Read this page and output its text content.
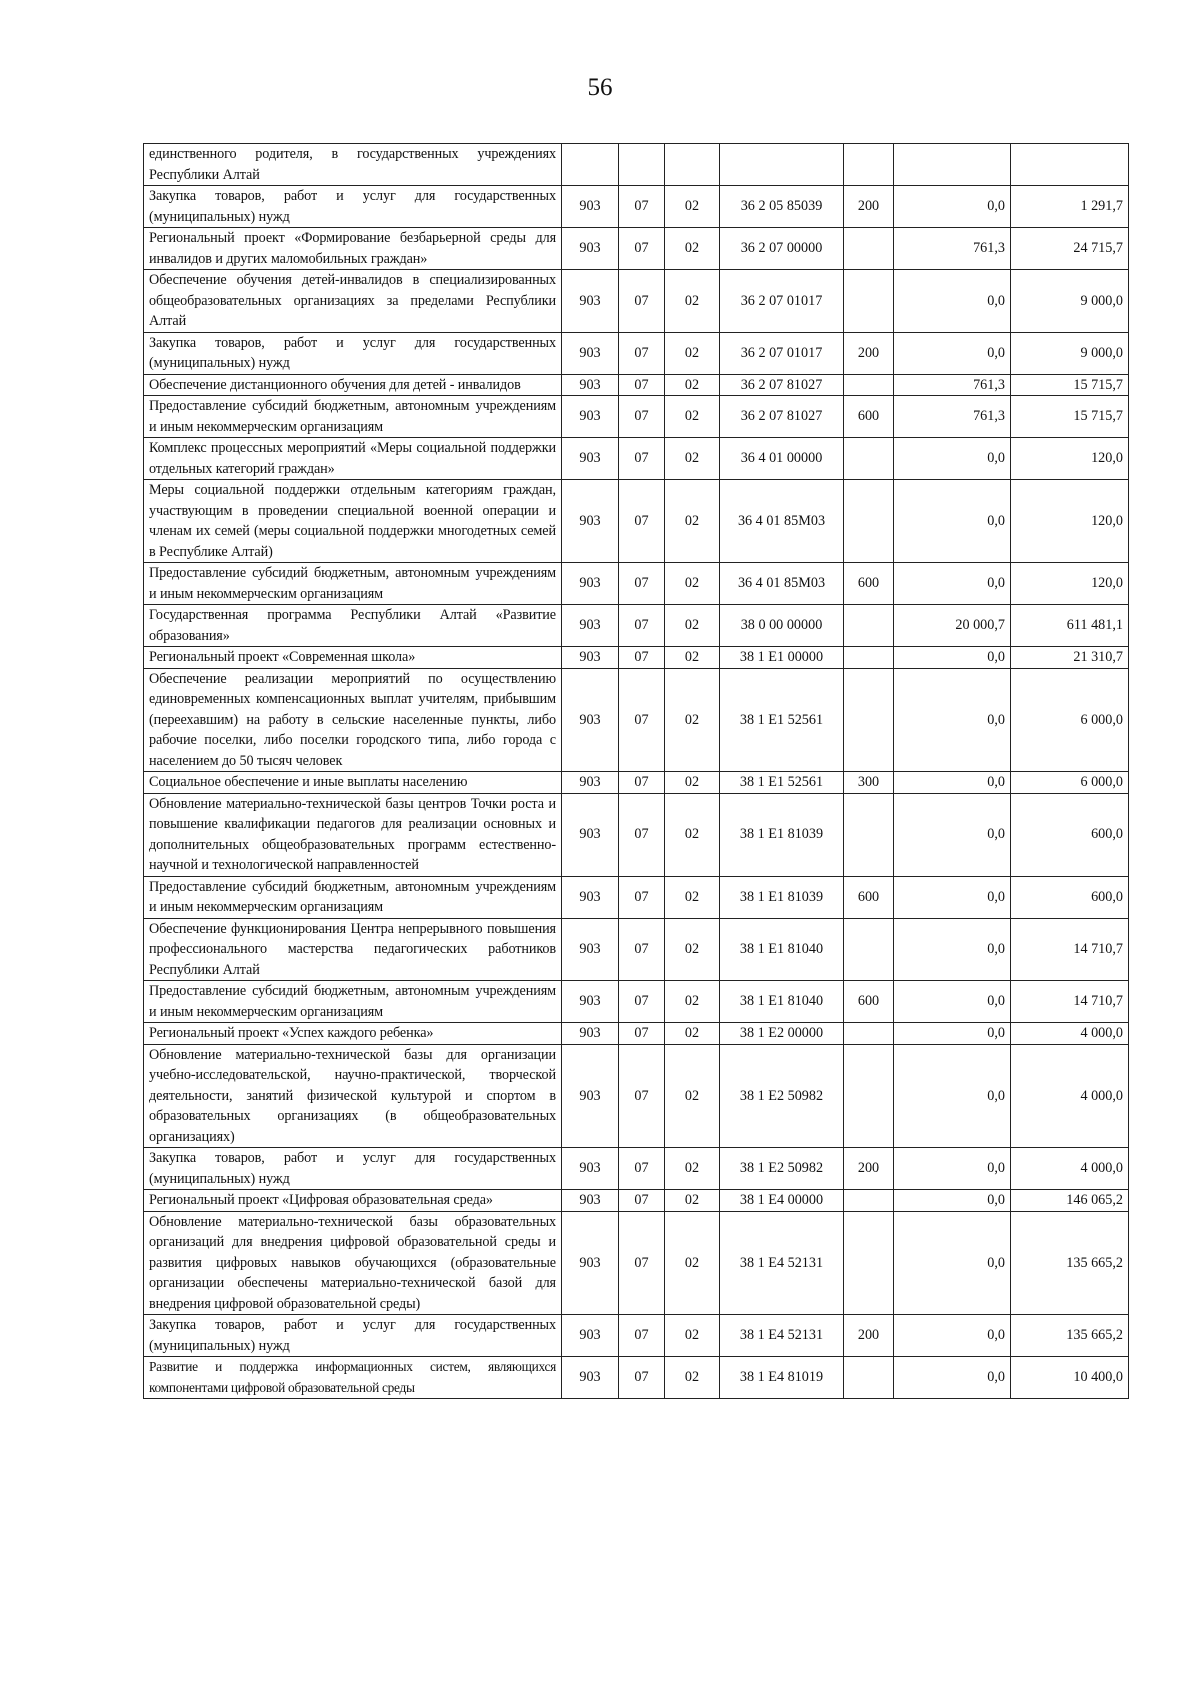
56
единственного родителя, в государственных учреждениях Республики Алтай							
Закупка товаров, работ и услуг для государственных (муниципальных) нужд	903	07	02	36 2 05 85039	200	0,0	1 291,7
Региональный проект «Формирование безбарьерной среды для инвалидов и других маломобильных граждан»	903	07	02	36 2 07 00000		761,3	24 715,7
Обеспечение обучения детей-инвалидов в специализированных общеобразовательных организациях за пределами Республики Алтай	903	07	02	36 2 07 01017		0,0	9 000,0
Закупка товаров, работ и услуг для государственных (муниципальных) нужд	903	07	02	36 2 07 01017	200	0,0	9 000,0
Обеспечение дистанционного обучения для детей - инвалидов	903	07	02	36 2 07 81027		761,3	15 715,7
Предоставление субсидий бюджетным, автономным учреждениям и иным некоммерческим организациям	903	07	02	36 2 07 81027	600	761,3	15 715,7
Комплекс процессных мероприятий «Меры социальной поддержки отдельных категорий граждан»	903	07	02	36 4 01 00000		0,0	120,0
Меры социальной поддержки отдельным категориям граждан, участвующим в проведении специальной военной операции и членам их семей (меры социальной поддержки многодетных семей в Республике Алтай)	903	07	02	36 4 01 85М03		0,0	120,0
Предоставление субсидий бюджетным, автономным учреждениям и иным некоммерческим организациям	903	07	02	36 4 01 85М03	600	0,0	120,0
Государственная программа Республики Алтай «Развитие образования»	903	07	02	38 0 00 00000		20 000,7	611 481,1
Региональный проект «Современная школа»	903	07	02	38 1 E1 00000		0,0	21 310,7
Обеспечение реализации мероприятий по осуществлению единовременных компенсационных выплат учителям, прибывшим (переехавшим) на работу в сельские населенные пункты, либо рабочие поселки, либо поселки городского типа, либо города с населением до 50 тысяч человек	903	07	02	38 1 E1 52561		0,0	6 000,0
Социальное обеспечение и иные выплаты населению	903	07	02	38 1 E1 52561	300	0,0	6 000,0
Обновление материально-технической базы центров Точки роста и повышение квалификации педагогов для реализации основных и дополнительных общеобразовательных программ естественно-научной и технологической направленностей	903	07	02	38 1 E1 81039		0,0	600,0
Предоставление субсидий бюджетным, автономным учреждениям и иным некоммерческим организациям	903	07	02	38 1 E1 81039	600	0,0	600,0
Обеспечение функционирования Центра непрерывного повышения профессионального мастерства педагогических работников Республики Алтай	903	07	02	38 1 E1 81040		0,0	14 710,7
Предоставление субсидий бюджетным, автономным учреждениям и иным некоммерческим организациям	903	07	02	38 1 E1 81040	600	0,0	14 710,7
Региональный проект «Успех каждого ребенка»	903	07	02	38 1 E2 00000		0,0	4 000,0
Обновление материально-технической базы для организации учебно-исследовательской, научно-практической, творческой деятельности, занятий физической культурой и спортом в образовательных организациях (в общеобразовательных организациях)	903	07	02	38 1 E2 50982		0,0	4 000,0
Закупка товаров, работ и услуг для государственных (муниципальных) нужд	903	07	02	38 1 E2 50982	200	0,0	4 000,0
Региональный проект «Цифровая образовательная среда»	903	07	02	38 1 E4 00000		0,0	146 065,2
Обновление материально-технической базы образовательных организаций для внедрения цифровой образовательной среды и развития цифровых навыков обучающихся (образовательные организации обеспечены материально-технической базой для внедрения цифровой образовательной среды)	903	07	02	38 1 E4 52131		0,0	135 665,2
Закупка товаров, работ и услуг для государственных (муниципальных) нужд	903	07	02	38 1 E4 52131	200	0,0	135 665,2
Развитие и поддержка информационных систем, являющихся компонентами цифровой образовательной среды	903	07	02	38 1 E4 81019		0,0	10 400,0
